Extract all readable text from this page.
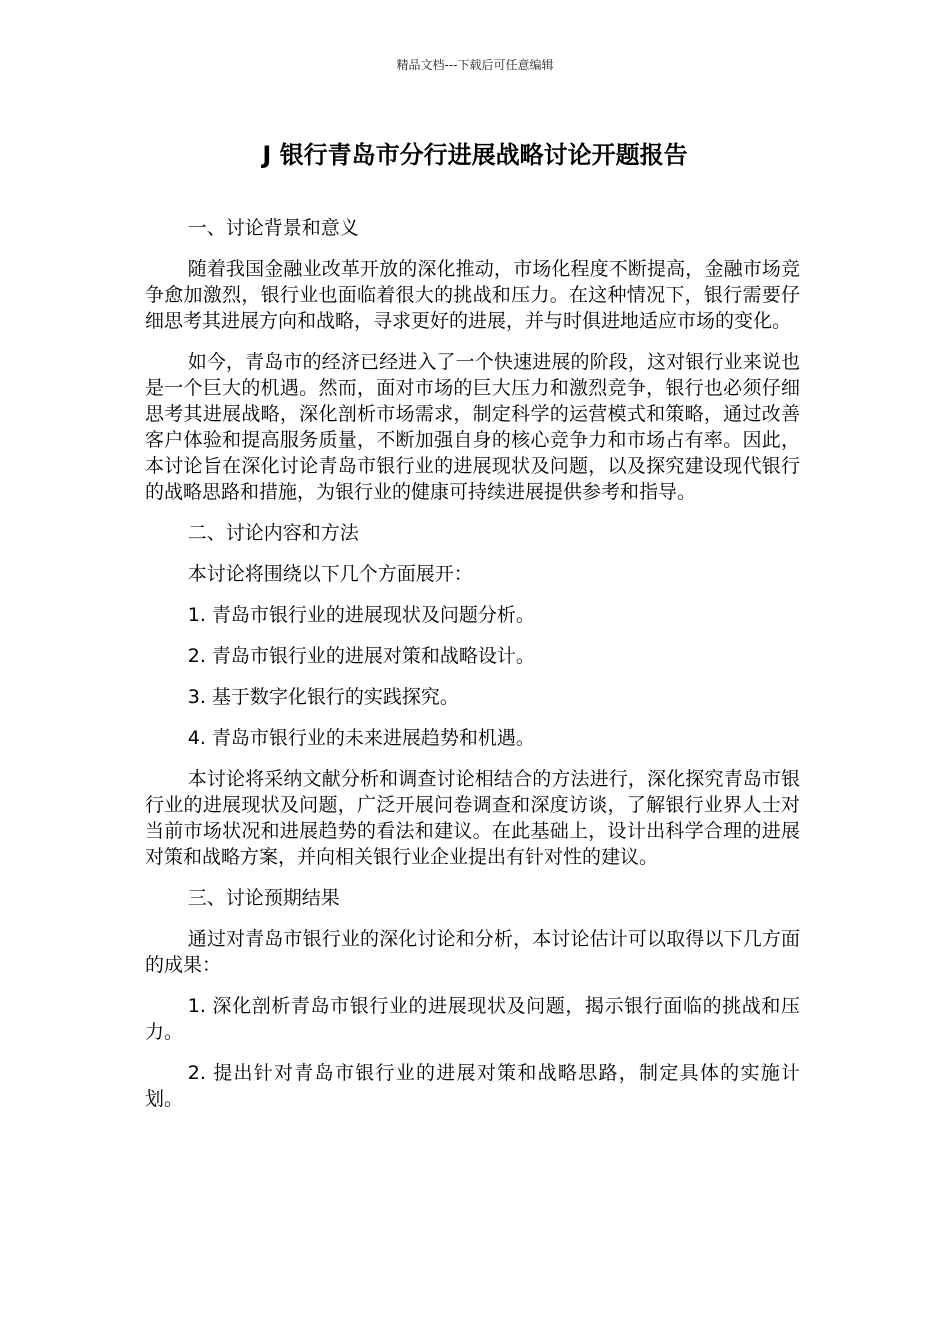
精品文档---下载后可任意编辑
J 银行青岛市分行进展战略讨论开题报告
一、讨论背景和意义
随着我国金融业改革开放的深化推动，市场化程度不断提高，金融市场竞争愈加激烈，银行业也面临着很大的挑战和压力。在这种情况下，银行需要仔细思考其进展方向和战略，寻求更好的进展，并与时俱进地适应市场的变化。
如今，青岛市的经济已经进入了一个快速进展的阶段，这对银行业来说也是一个巨大的机遇。然而，面对市场的巨大压力和激烈竞争，银行也必须仔细思考其进展战略，深化剖析市场需求，制定科学的运营模式和策略，通过改善客户体验和提高服务质量，不断加强自身的核心竞争力和市场占有率。因此，本讨论旨在深化讨论青岛市银行业的进展现状及问题，以及探究建设现代银行的战略思路和措施，为银行业的健康可持续进展提供参考和指导。
二、讨论内容和方法
本讨论将围绕以下几个方面展开：
1. 青岛市银行业的进展现状及问题分析。
2. 青岛市银行业的进展对策和战略设计。
3. 基于数字化银行的实践探究。
4. 青岛市银行业的未来进展趋势和机遇。
本讨论将采纳文献分析和调查讨论相结合的方法进行，深化探究青岛市银行业的进展现状及问题，广泛开展问卷调查和深度访谈，了解银行业界人士对当前市场状况和进展趋势的看法和建议。在此基础上，设计出科学合理的进展对策和战略方案，并向相关银行业企业提出有针对性的建议。
三、讨论预期结果
通过对青岛市银行业的深化讨论和分析，本讨论估计可以取得以下几方面的成果：
1. 深化剖析青岛市银行业的进展现状及问题，揭示银行面临的挑战和压力。
2. 提出针对青岛市银行业的进展对策和战略思路，制定具体的实施计划。
